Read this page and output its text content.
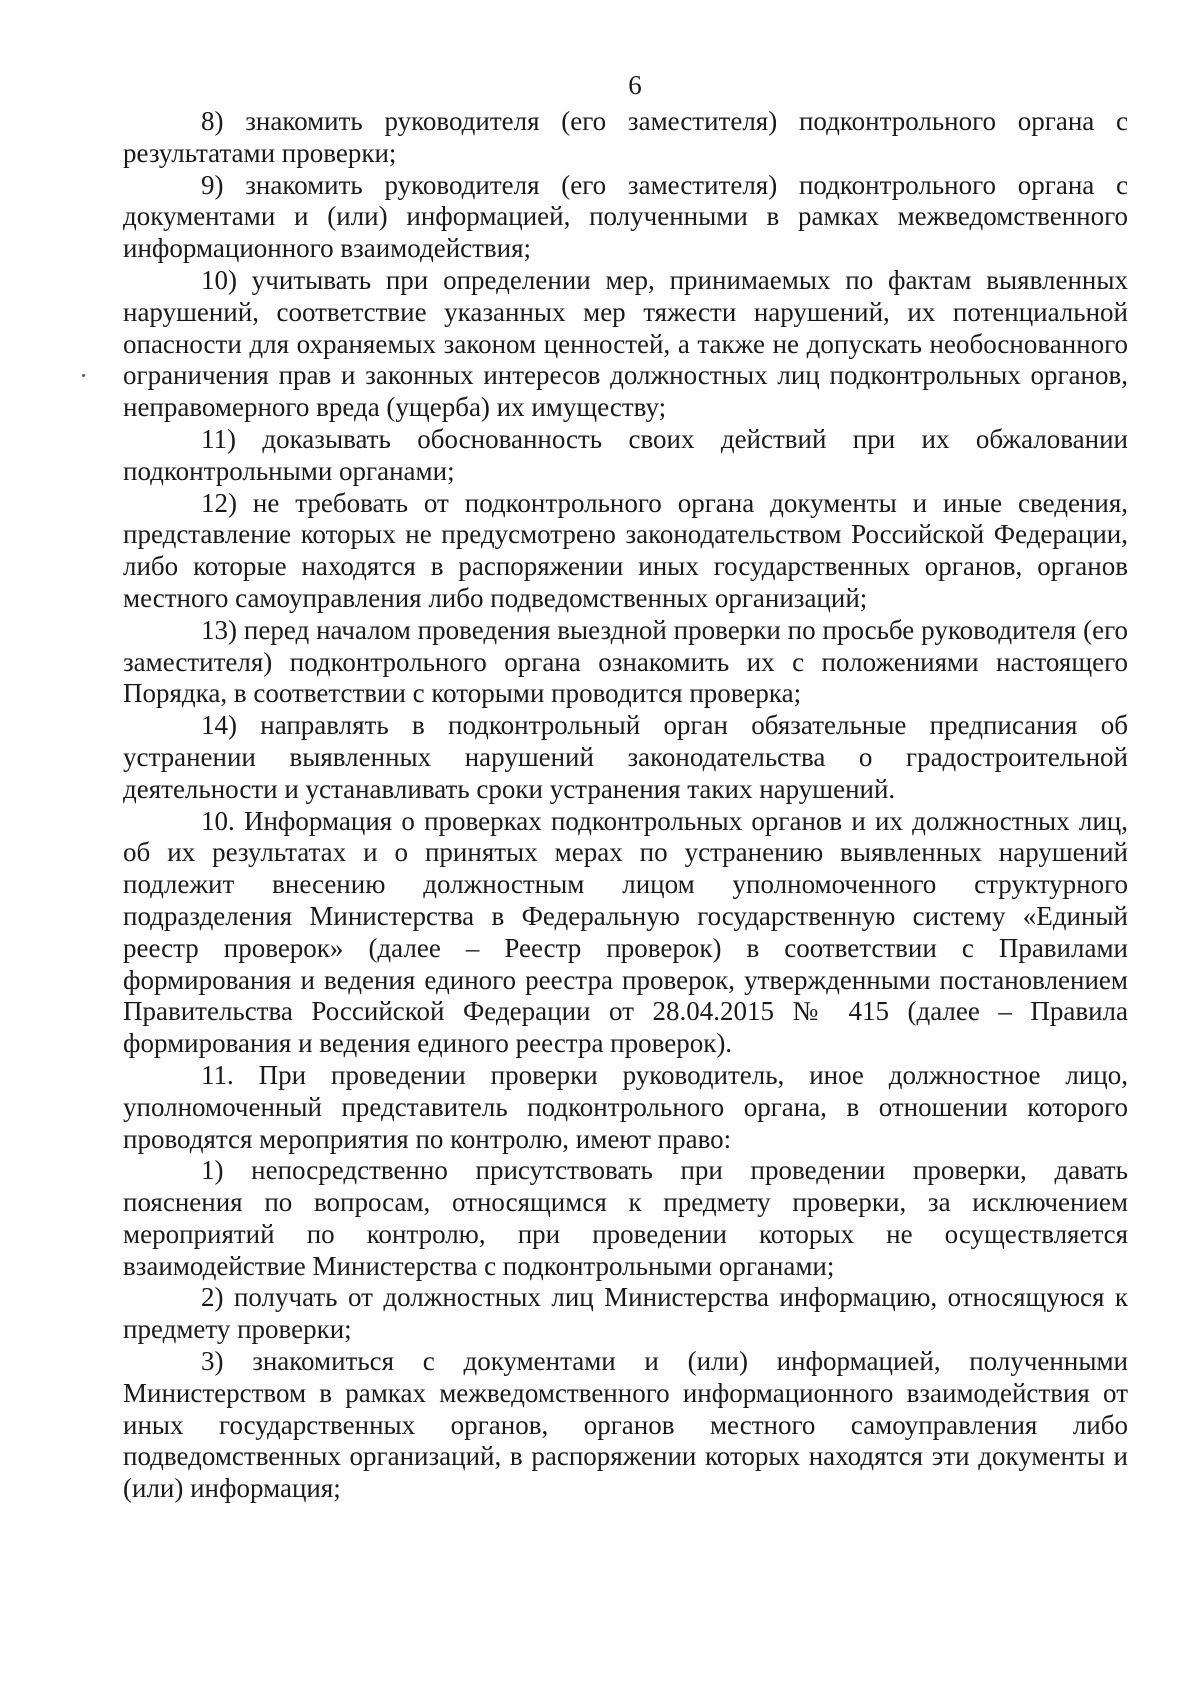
6

8) знакомить руководителя (его заместителя) подконтрольного органа с результатами проверки;

9) знакомить руководителя (его заместителя) подконтрольного органа с документами и (или) информацией, полученными в рамках межведомственного информационного взаимодействия;

10) учитывать при определении мер, принимаемых по фактам выявленных нарушений, соответствие указанных мер тяжести нарушений, их потенциальной опасности для охраняемых законом ценностей, а также не допускать необоснованного ограничения прав и законных интересов должностных лиц подконтрольных органов, неправомерного вреда (ущерба) их имуществу;

11) доказывать обоснованность своих действий при их обжаловании подконтрольными органами;

12) не требовать от подконтрольного органа документы и иные сведения, представление которых не предусмотрено законодательством Российской Федерации, либо которые находятся в распоряжении иных государственных органов, органов местного самоуправления либо подведомственных организаций;

13) перед началом проведения выездной проверки по просьбе руководителя (его заместителя) подконтрольного органа ознакомить их с положениями настоящего Порядка, в соответствии с которыми проводится проверка;

14) направлять в подконтрольный орган обязательные предписания об устранении выявленных нарушений законодательства о градостроительной деятельности и устанавливать сроки устранения таких нарушений.

10. Информация о проверках подконтрольных органов и их должностных лиц, об их результатах и о принятых мерах по устранению выявленных нарушений подлежит внесению должностным лицом уполномоченного структурного подразделения Министерства в Федеральную государственную систему «Единый реестр проверок» (далее – Реестр проверок) в соответствии с Правилами формирования и ведения единого реестра проверок, утвержденными постановлением Правительства Российской Федерации от 28.04.2015 № 415 (далее – Правила формирования и ведения единого реестра проверок).

11. При проведении проверки руководитель, иное должностное лицо, уполномоченный представитель подконтрольного органа, в отношении которого проводятся мероприятия по контролю, имеют право:

1) непосредственно присутствовать при проведении проверки, давать пояснения по вопросам, относящимся к предмету проверки, за исключением мероприятий по контролю, при проведении которых не осуществляется взаимодействие Министерства с подконтрольными органами;

2) получать от должностных лиц Министерства информацию, относящуюся к предмету проверки;

3) знакомиться с документами и (или) информацией, полученными Министерством в рамках межведомственного информационного взаимодействия от иных государственных органов, органов местного самоуправления либо подведомственных организаций, в распоряжении которых находятся эти документы и (или) информация;
